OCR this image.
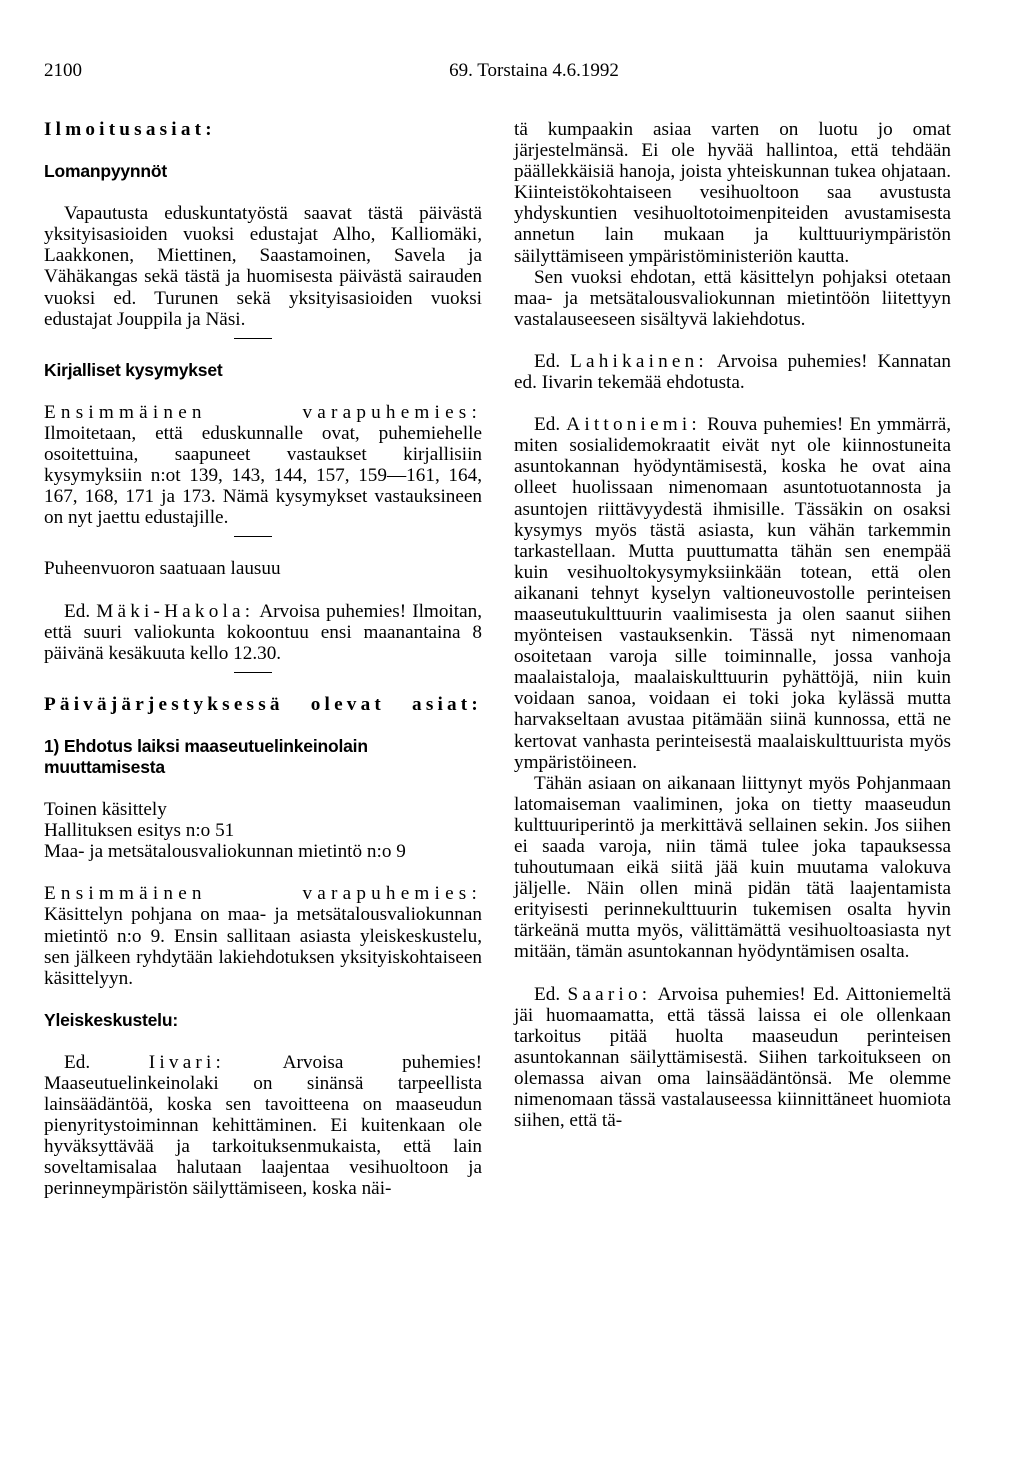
2100	69. Torstaina 4.6.1992

Ilmoitusasiat:

Lomanpyynnöt

Vapautusta eduskuntatyöstä saavat tästä päivästä yksityisasioiden vuoksi edustajat Alho, Kalliomäki, Laakkonen, Miettinen, Saastamoinen, Savela ja Vähäkangas sekä tästä ja huomisesta päivästä sairauden vuoksi ed. Turunen sekä yksityisasioiden vuoksi edustajat Jouppila ja Näsi.

Kirjalliset kysymykset

Ensimmäinen varapuhemies:

Ilmoitetaan, että eduskunnalle ovat, puhemiehelle osoitettuina, saapuneet vastaukset kirjallisiin kysymyksiin n:ot 139, 143, 144, 157, 159—161, 164, 167, 168, 171 ja 173. Nämä kysymykset vastauksineen on nyt jaettu edustajille.

Puheenvuoron saatuaan lausuu

Ed. Mäki-Hakola: Arvoisa puhemies! Ilmoitan, että suuri valiokunta kokoontuu ensi maanantaina 8 päivänä kesäkuuta kello 12.30.

Päiväjärjestyksessä olevat asiat:

1) Ehdotus laiksi maaseutuelinkeinolain muuttamisesta

Toinen käsittely

Hallituksen esitys n:o 51

Maa- ja metsätalousvaliokunnan mietintö n:o 9

Ensimmäinen varapuhemies:

Käsittelyn pohjana on maa- ja metsätalousvaliokunnan mietintö n:o 9. Ensin sallitaan asiasta yleiskeskustelu, sen jälkeen ryhdytään lakiehdotuksen yksityiskohtaiseen käsittelyyn.

Yleiskeskustelu:

Ed.	Iivari:	Arvoisa puhemies! Maaseutuelinkeinolaki on sinänsä tarpeellista lainsäädäntöä, koska sen tavoitteena on maaseudun pienyritystoiminnan kehittäminen. Ei kuitenkaan ole hyväksyttävää ja tarkoituksenmukaista, että lain soveltamisalaa halutaan laajentaa vesihuoltoon ja perinneympäristön säilyttämiseen, koska näi-

tä kumpaakin asiaa varten on luotu jo omat järjestelmänsä. Ei ole hyvää hallintoa, että tehdään päällekkäisiä hanoja, joista yhteiskunnan tukea ohjataan. Kiinteistökohtaiseen vesihuoltoon saa avustusta yhdyskuntien vesihuoltotoimenpiteiden avustamisesta annetun lain mukaan ja kulttuuriympäristön säilyttämiseen ympäristöministeriön kautta.

Sen vuoksi ehdotan, että käsittelyn pohjaksi otetaan maa- ja metsätalousvaliokunnan mietintöön liitettyyn vastalauseeseen sisältyvä lakiehdotus.

Ed. Lahikainen: Arvoisa puhemies! Kannatan ed. Iivarin tekemää ehdotusta.

Ed. Aittoniemi: Rouva puhemies! En ymmärrä, miten sosialidemokraatit eivät nyt ole kiinnostuneita asuntokannan hyödyntämisestä, koska he ovat aina olleet huolissaan nimenomaan asuntotuotannosta ja asuntojen riittävyydestä ihmisille. Tässäkin on osaksi kysymys myös tästä asiasta, kun vähän tarkemmin tarkastellaan. Mutta puuttumatta tähän sen enempää kuin vesihuoltokysymyksiinkään totean, että olen aikanani tehnyt kyselyn valtioneuvostolle perinteisen maaseutukulttuurin vaalimisesta ja olen saanut siihen myönteisen vastauksenkin. Tässä nyt nimenomaan osoitetaan varoja sille toiminnalle, jossa vanhoja maalaistaloja, maalaiskulttuurin pyhättöjä, niin kuin voidaan sanoa, voidaan ei toki joka kylässä mutta harvakseltaan avustaa pitämään siinä kunnossa, että ne kertovat vanhasta perinteisestä maalaiskulttuurista myös ympäristöineen.

Tähän asiaan on aikanaan liittynyt myös Pohjanmaan latomaiseman vaaliminen, joka on tietty maaseudun kulttuuriperintö ja merkittävä sellainen sekin. Jos siihen ei saada varoja, niin tämä tulee joka tapauksessa tuhoutumaan eikä siitä jää kuin muutama valokuva jäljelle. Näin ollen minä pidän tätä laajentamista erityisesti perinnekulttuurin tukemisen osalta hyvin tärkeänä mutta myös, välittämättä vesihuoltoasiasta nyt mitään, tämän asuntokannan hyödyntämisen osalta.

Ed. Saario: Arvoisa puhemies! Ed. Aittoniemeltä jäi huomaamatta, että tässä laissa ei ole ollenkaan tarkoitus pitää huolta maaseudun perinteisen asuntokannan säilyttämisestä. Siihen tarkoitukseen on olemassa aivan oma lainsäädäntönsä. Me olemme nimenomaan tässä vastalauseessa kiinnittäneet huomiota siihen, että tä-
